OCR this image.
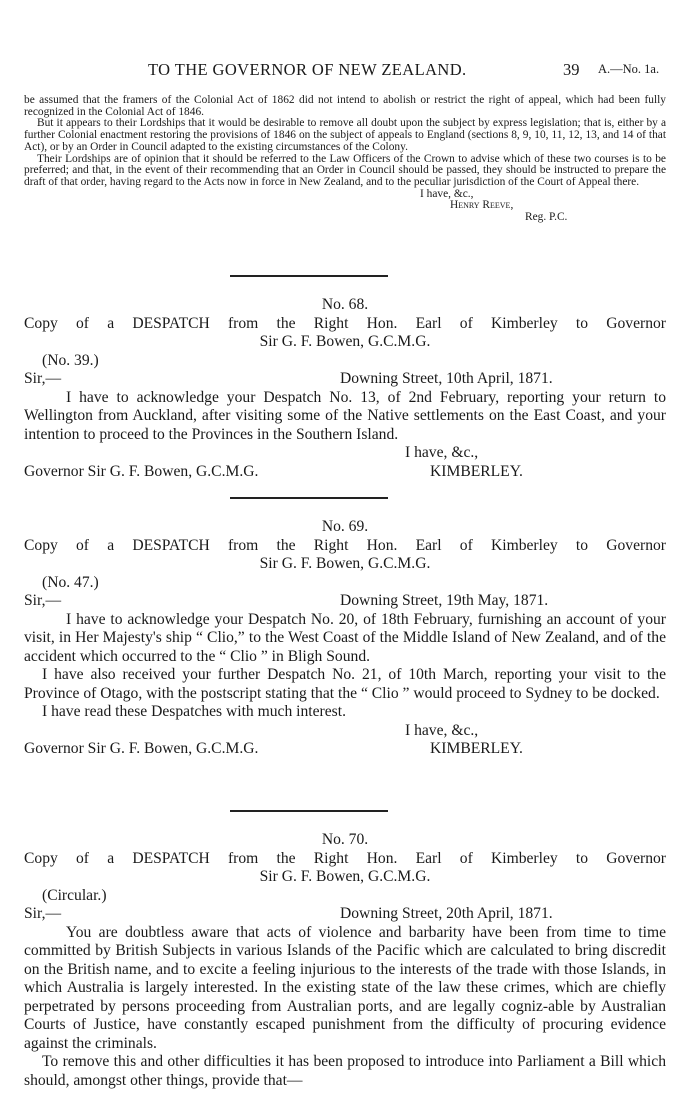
TO THE GOVERNOR OF NEW ZEALAND.	39 A.—No. 1a.

be assumed that the framers of the Colonial Act of 1862 did not intend to abolish or restrict the right of appeal, which had been fully recognized in the Colonial Act of 1846.

But it appears to their Lordships that it would be desirable to remove all doubt upon the subject by express legislation; that is, either by a further Colonial enactment restoring the provisions of 1846 on the subject of appeals to England (sections 8, 9, 10, 11, 12, 13, and 14 of that Act), or by an Order in Council adapted to the existing circumstances of the Colony.

Their Lordships are of opinion that it should be referred to the Law Officers of the Crown to advise which of these two courses is to be preferred; and that, in the event of their recommending that an Order in Council should be passed, they should be instructed to prepare the draft of that order, having regard to the Acts now in force in New Zealand, and to the peculiar jurisdiction of the Court of Appeal there.

I have, &c.,

Henry Reeve,

Reg. P.C.

No. 68.

Copy of a DESPATCH from the Right Hon. Earl of Kimberley to Governor

Sir G. F. Bowen, G.C.M.G.

(No. 39.)

Sir,—	Downing Street, 10th April, 1871.

I have to acknowledge your Despatch No. 13, of 2nd February, reporting your return to Wellington from Auckland, after visiting some of the Native settlements on the East Coast, and your intention to proceed to the Provinces in the Southern Island.

I have, &c.,
Governor Sir G. F. Bowen, G.C.M.G.	KIMBERLEY.

No. 69.

Copy of a DESPATCH from the Right Hon. Earl of Kimberley to Governor

Sir G. F. Bowen, G.C.M.G.

(No. 47.)

Sir,—	Downing Street, 19th May, 1871.

I have to acknowledge your Despatch No. 20, of 18th February, furnishing an account of your visit, in Her Majesty's ship “ Clio,” to the West Coast of the Middle Island of New Zealand, and of the accident which occurred to the “ Clio ” in Bligh Sound.

I have also received your further Despatch No. 21, of 10th March, reporting your visit to the Province of Otago, with the postscript stating that the “ Clio ” would proceed to Sydney to be docked.

I have read these Despatches with much interest.

I have, &c.,
Governor Sir G. F. Bowen, G.C.M.G.	KIMBERLEY.

No. 70.

Copy of a DESPATCH from the Right Hon. Earl of Kimberley to Governor

Sir G. F. Bowen, G.C.M.G.

(Circular.)

Sir,—	Downing Street, 20th April, 1871.

You are doubtless aware that acts of violence and barbarity have been from time to time committed by British Subjects in various Islands of the Pacific which are calculated to bring discredit on the British name, and to excite a feeling injurious to the interests of the trade with those Islands, in which Australia is largely interested. In the existing state of the law these crimes, which are chiefly perpetrated by persons proceeding from Australian ports, and are legally cogniz-able by Australian Courts of Justice, have constantly escaped punishment from the difficulty of procuring evidence against the criminals.

To remove this and other difficulties it has been proposed to introduce into Parliament a Bill which should, amongst other things, provide that—
